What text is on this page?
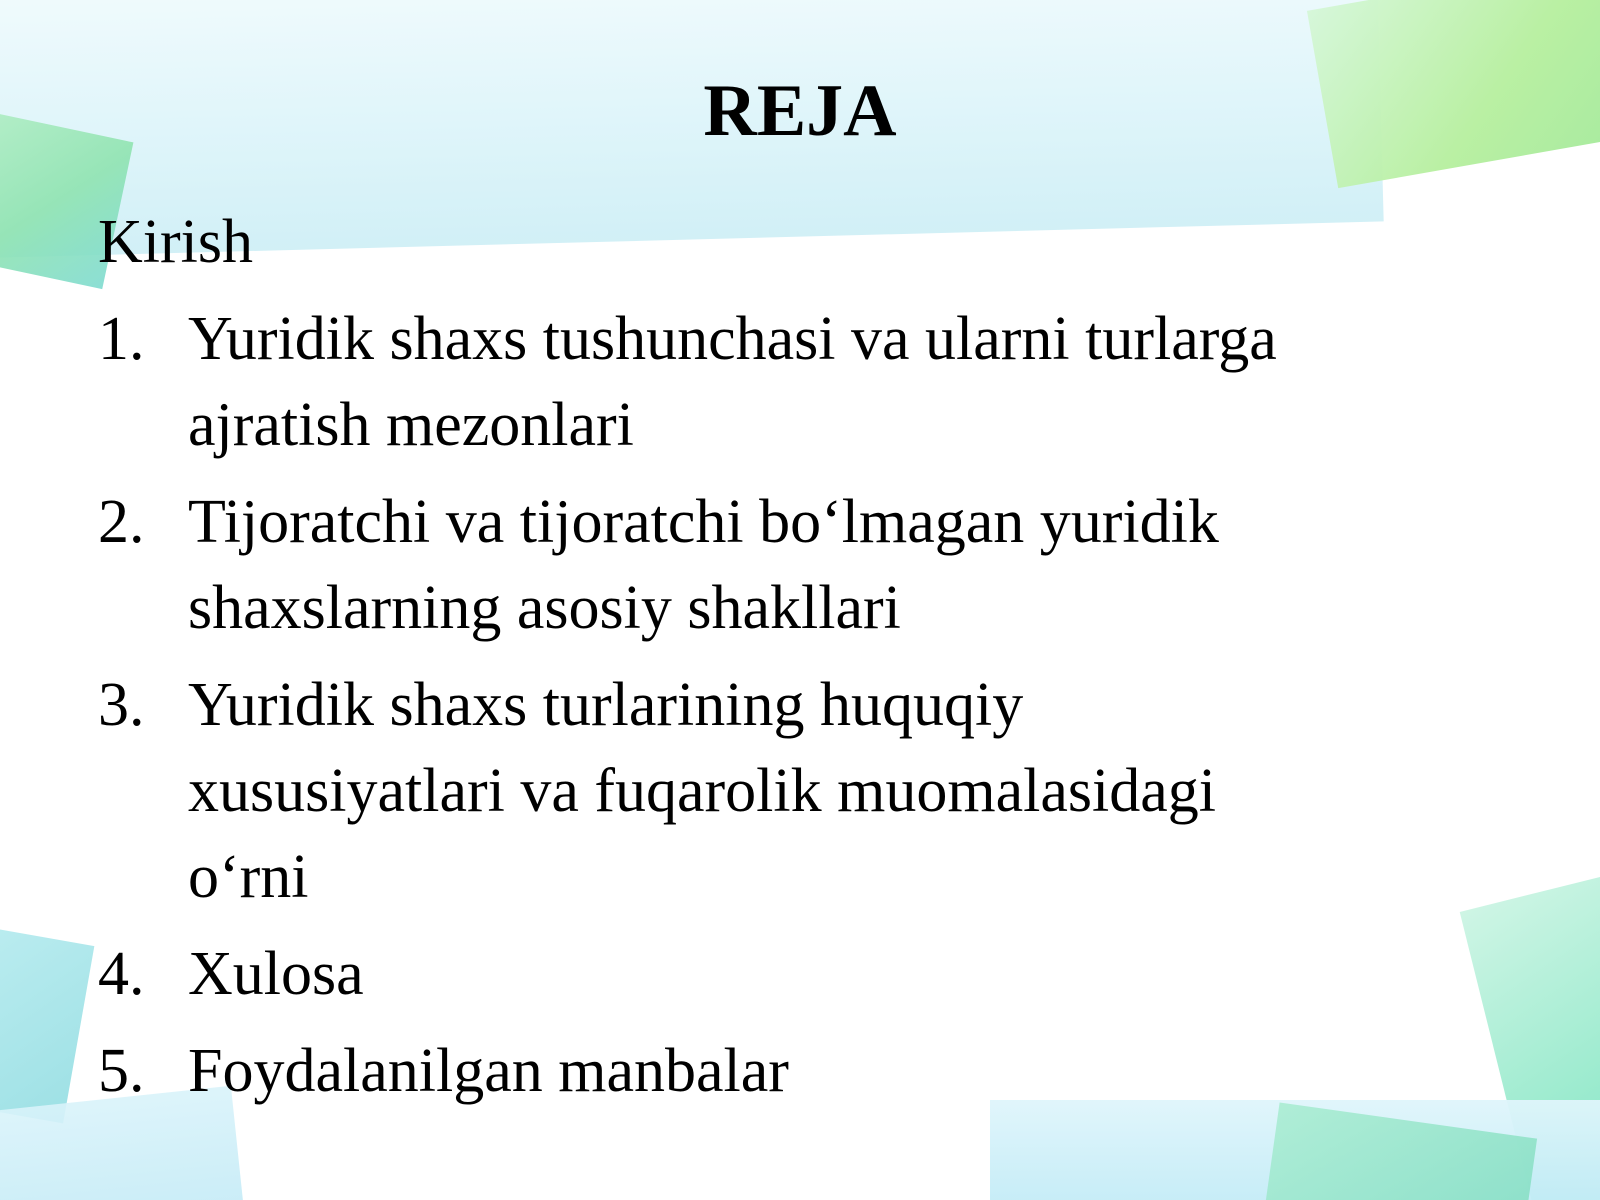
REJA

Kirish

1. Yuridik shaxs tushunchasi va ularni turlarga
ajratish mezonlari
2. Tijoratchi va tijoratchi bo‘lmagan yuridik
shaxslarning asosiy shakllari
3. Yuridik shaxs turlarining huquqiy
xususiyatlari va fuqarolik muomalasidagi
o‘rni
4. Xulosa
5. Foydalanilgan manbalar
